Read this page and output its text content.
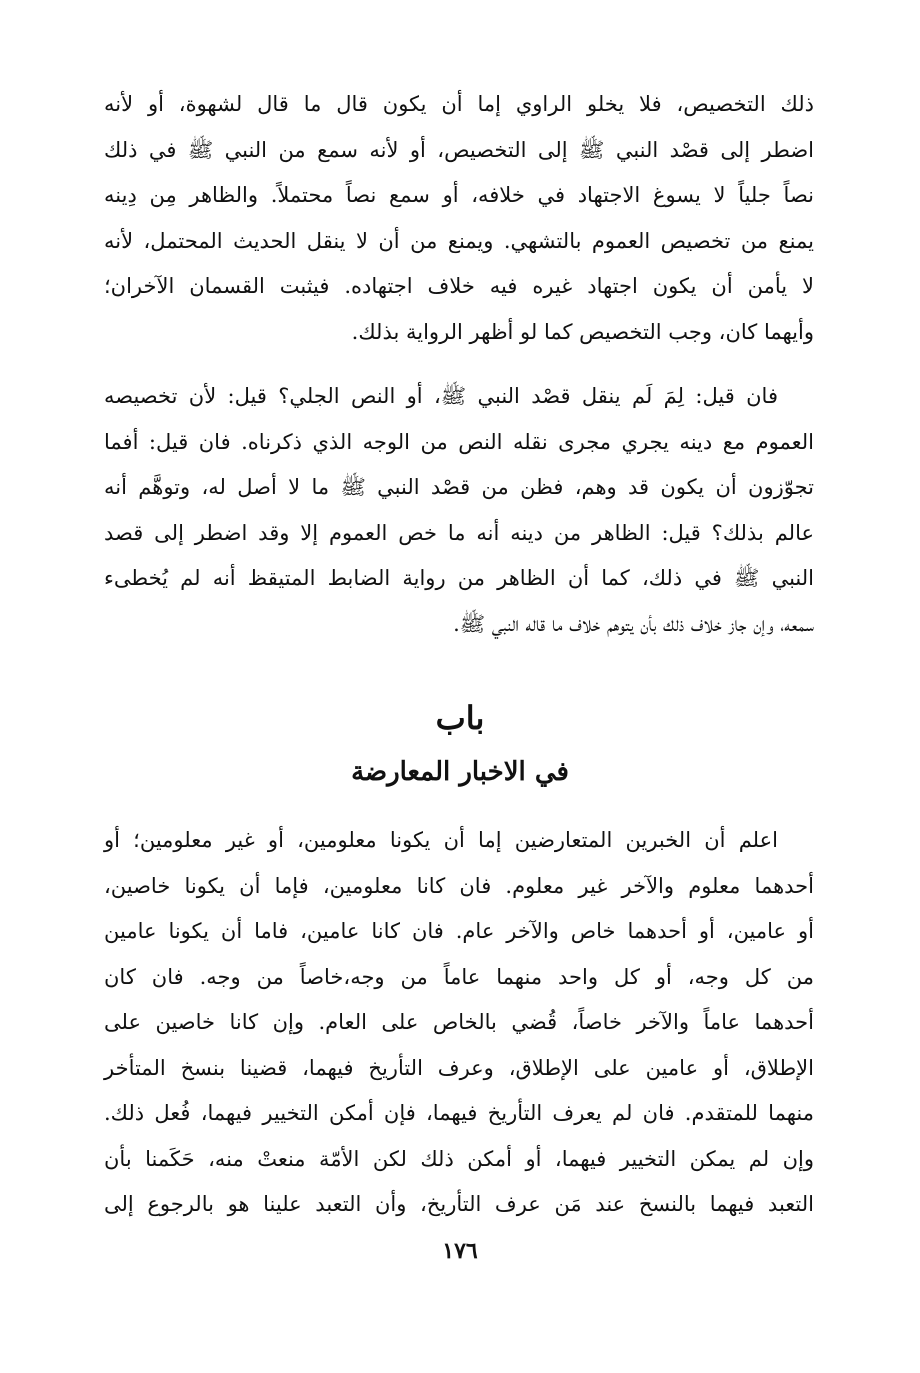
ذلك التخصيص، فلا يخلو الراوي إما أن يكون قال ما قال لشهوة، أو لأنه
اضطر إلى قصْد النبي ﷺ إلى التخصيص، أو لأنه سمع من النبي ﷺ في ذلك
نصاً جلياً لا يسوغ الاجتهاد في خلافه، أو سمع نصاً محتملاً. والظاهر مِن دِينه
يمنع من تخصيص العموم بالتشهي. ويمنع من أن لا ينقل الحديث المحتمل، لأنه
لا يأمن أن يكون اجتهاد غيره فيه خلاف اجتهاده. فيثبت القسمان الآخران؛
وأيهما كان، وجب التخصيص كما لو أظهر الرواية بذلك.
فان قيل: لِمَ لَم ينقل قصْد النبي ﷺ، أو النص الجلي؟ قيل: لأن تخصيصه
العموم مع دينه يجري مجرى نقله النص من الوجه الذي ذكرناه. فان قيل: أفما
تجوّزون أن يكون قد وهم، فظن من قصْد النبي ﷺ ما لا أصل له، وتوهَّم أنه
عالم بذلك؟ قيل: الظاهر من دينه أنه ما خص العموم إلا وقد اضطر إلى قصد
النبي ﷺ في ذلك، كما أن الظاهر من رواية الضابط المتيقظ أنه لم يُخطىء
سمعه، وإن جاز خلاف ذلك بأن يتوهم خلاف ما قاله النبي ﷺ.
باب
في الاخبار المعارضة
اعلم أن الخبرين المتعارضين إما أن يكونا معلومين، أو غير معلومين؛ أو
أحدهما معلوم والآخر غير معلوم. فان كانا معلومين، فإما أن يكونا خاصين،
أو عامين، أو أحدهما خاص والآخر عام. فان كانا عامين، فاما أن يكونا عامين
من كل وجه، أو كل واحد منهما عاماً من وجه،خاصاً من وجه. فان كان
أحدهما عاماً والآخر خاصاً، قُضي بالخاص على العام. وإن كانا خاصين على
الإطلاق، أو عامين على الإطلاق، وعرف التأريخ فيهما، قضينا بنسخ المتأخر
منهما للمتقدم. فان لم يعرف التأريخ فيهما، فإن أمكن التخيير فيهما، فُعل ذلك.
وإن لم يمكن التخيير فيهما، أو أمكن ذلك لكن الأمّة منعتْ منه، حَكَمنا بأن
التعبد فيهما بالنسخ عند مَن عرف التأريخ، وأن التعبد علينا هو بالرجوع إلى
١٧٦
